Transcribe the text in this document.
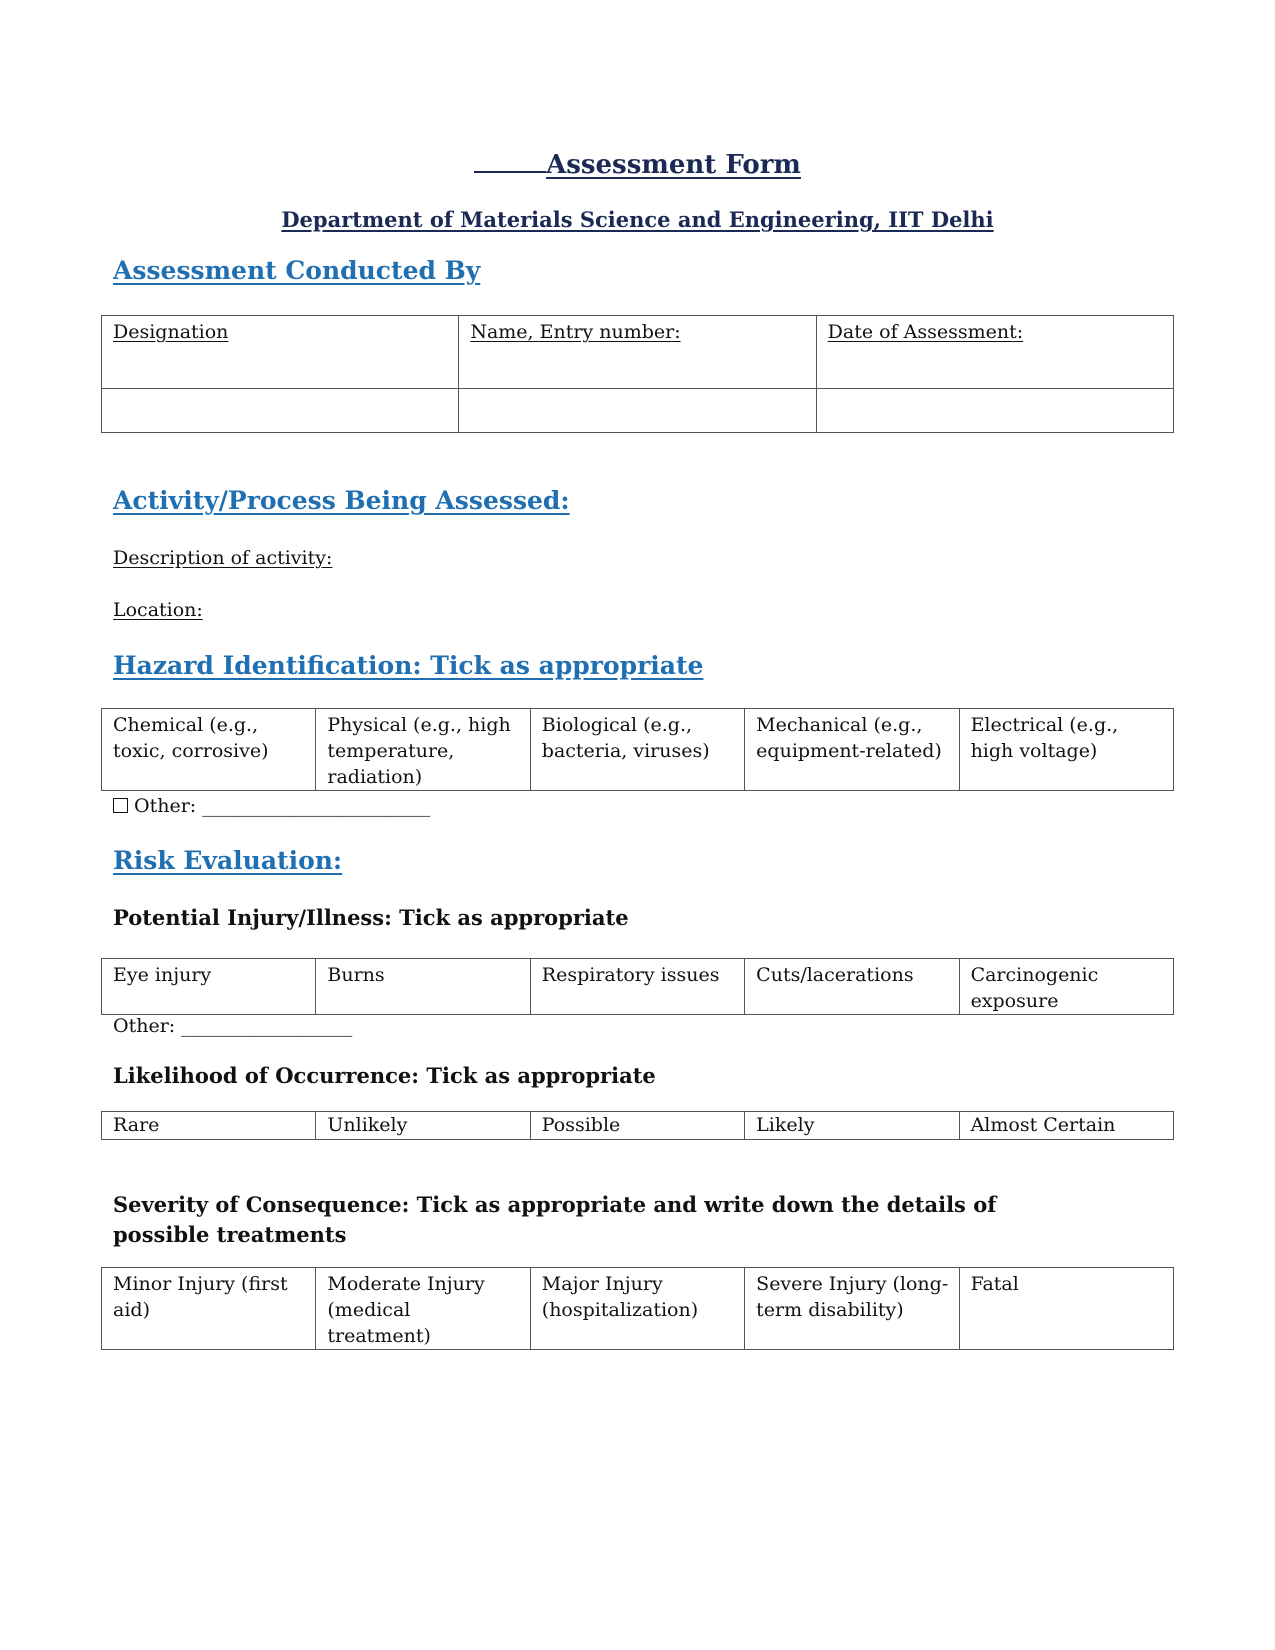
Assessment Form
Department of Materials Science and Engineering, IIT Delhi
Assessment Conducted By
Designation	Name, Entry number:	Date of Assessment:

Activity/Process Being Assessed:
Description of activity:
Location:
Hazard Identification: Tick as appropriate
Chemical (e.g., toxic, corrosive)	Physical (e.g., high temperature, radiation)	Biological (e.g., bacteria, viruses)	Mechanical (e.g., equipment-related)	Electrical (e.g., high voltage)
Other: ________________________
Risk Evaluation:
Potential Injury/Illness: Tick as appropriate
Eye injury	Burns	Respiratory issues	Cuts/lacerations	Carcinogenic exposure
Other: __________________
Likelihood of Occurrence: Tick as appropriate
Rare	Unlikely	Possible	Likely	Almost Certain
Severity of Consequence: Tick as appropriate and write down the details of possible treatments
Minor Injury (first aid)	Moderate Injury (medical treatment)	Major Injury (hospitalization)	Severe Injury (long-term disability)	Fatal
